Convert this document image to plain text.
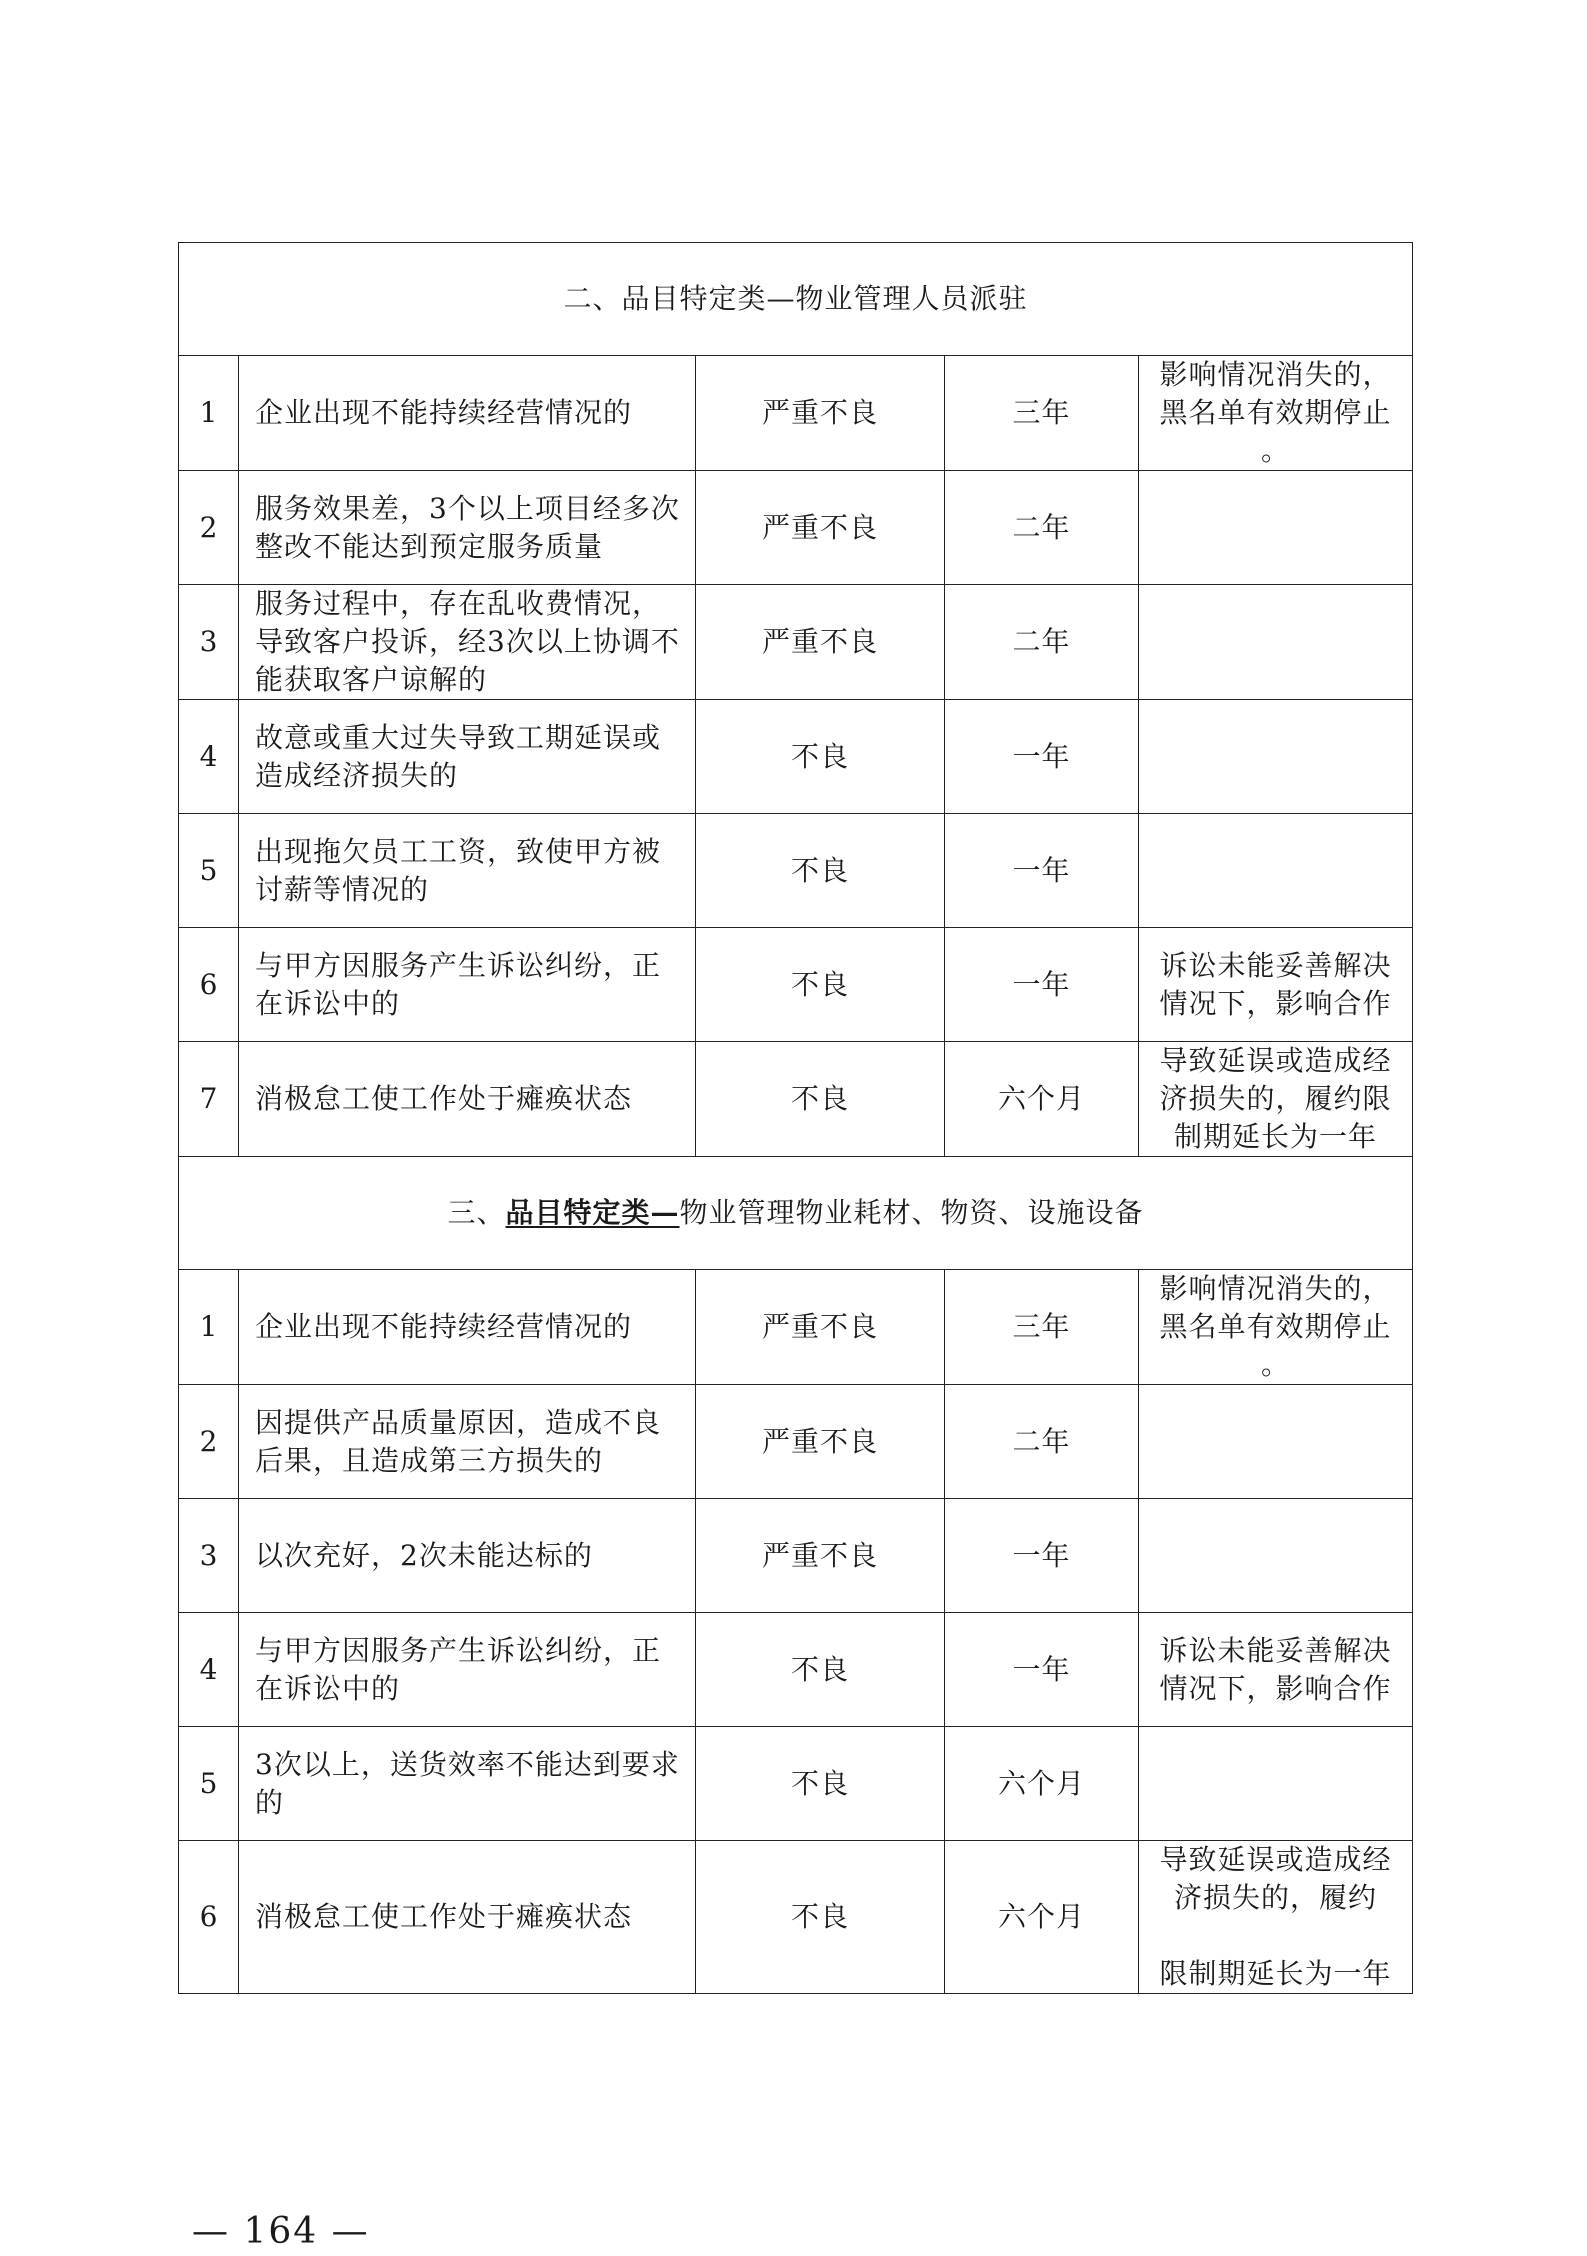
二、品目特定类—物业管理人员派驻				
1	企业出现不能持续经营情况的	严重不良	三年	影响情况消失的，
黑名单有效期停止
。

2	服务效果差，3个以上项目经多次整改不能达到预定服务质量	严重不良	二年	
3	服务过程中，存在乱收费情况，导致客户投诉，经3次以上协调不能获取客户谅解的	严重不良	二年	
4	故意或重大过失导致工期延误或造成经济损失的	不良	一年	
5	出现拖欠员工工资，致使甲方被讨薪等情况的	不良	一年	
6	与甲方因服务产生诉讼纠纷，正在诉讼中的	不良	一年	诉讼未能妥善解决
情况下，影响合作

7	消极怠工使工作处于瘫痪状态	不良	六个月	导致延误或造成经
济损失的，履约限
制期延长为一年

三、品目特定类—物业管理物业耗材、物资、设施设备				
1	企业出现不能持续经营情况的	严重不良	三年	影响情况消失的，
黑名单有效期停止
。

2	因提供产品质量原因，造成不良后果，且造成第三方损失的	严重不良	二年	
3	以次充好，2次未能达标的	严重不良	一年	
4	与甲方因服务产生诉讼纠纷，正在诉讼中的	不良	一年	诉讼未能妥善解决
情况下，影响合作

5	3次以上，送货效率不能达到要求的	不良	六个月	
6	消极怠工使工作处于瘫痪状态	不良	六个月	导致延误或造成经
济损失的，履约
限制期延长为一年
— 164 —
